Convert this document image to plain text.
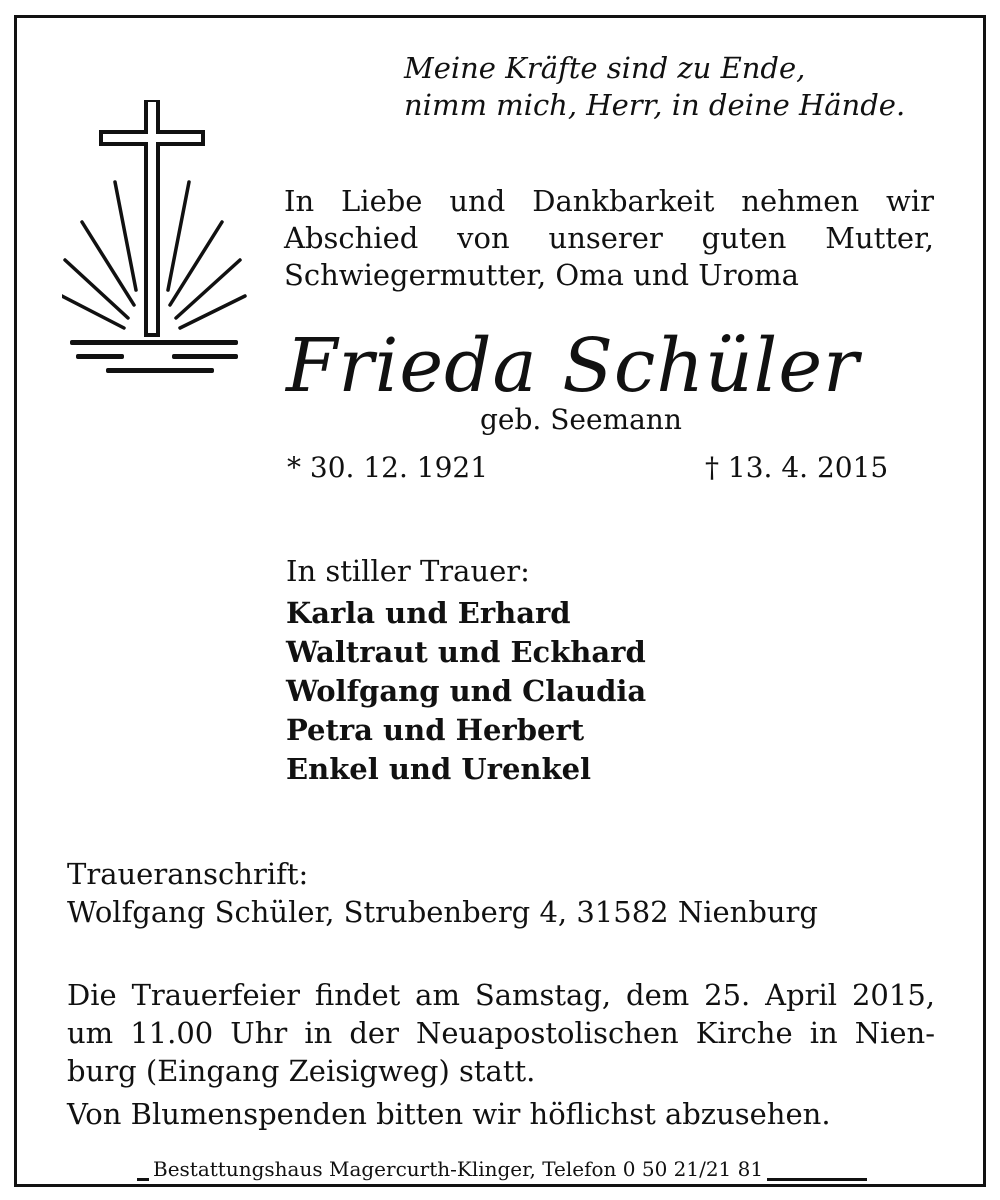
Meine Kräfte sind zu Ende,
nimm mich, Herr, in deine Hände.
In Liebe und Dankbarkeit nehmen wir
Abschied von unserer guten Mutter,
Schwiegermutter, Oma und Uroma
Frieda Schüler
geb. Seemann
* 30. 12. 1921	† 13. 4. 2015
In stiller Trauer:
Karla und Erhard
Waltraut und Eckhard
Wolfgang und Claudia
Petra und Herbert
Enkel und Urenkel
Traueranschrift:
Wolfgang Schüler, Strubenberg 4, 31582 Nienburg
Die Trauerfeier findet am Samstag, dem 25. April 2015,
um 11.00 Uhr in der Neuapostolischen Kirche in Nien-
burg (Eingang Zeisigweg) statt.
Von Blumenspenden bitten wir höflichst abzusehen.
Bestattungshaus Magercurth-Klinger, Telefon 0 50 21/21 81
